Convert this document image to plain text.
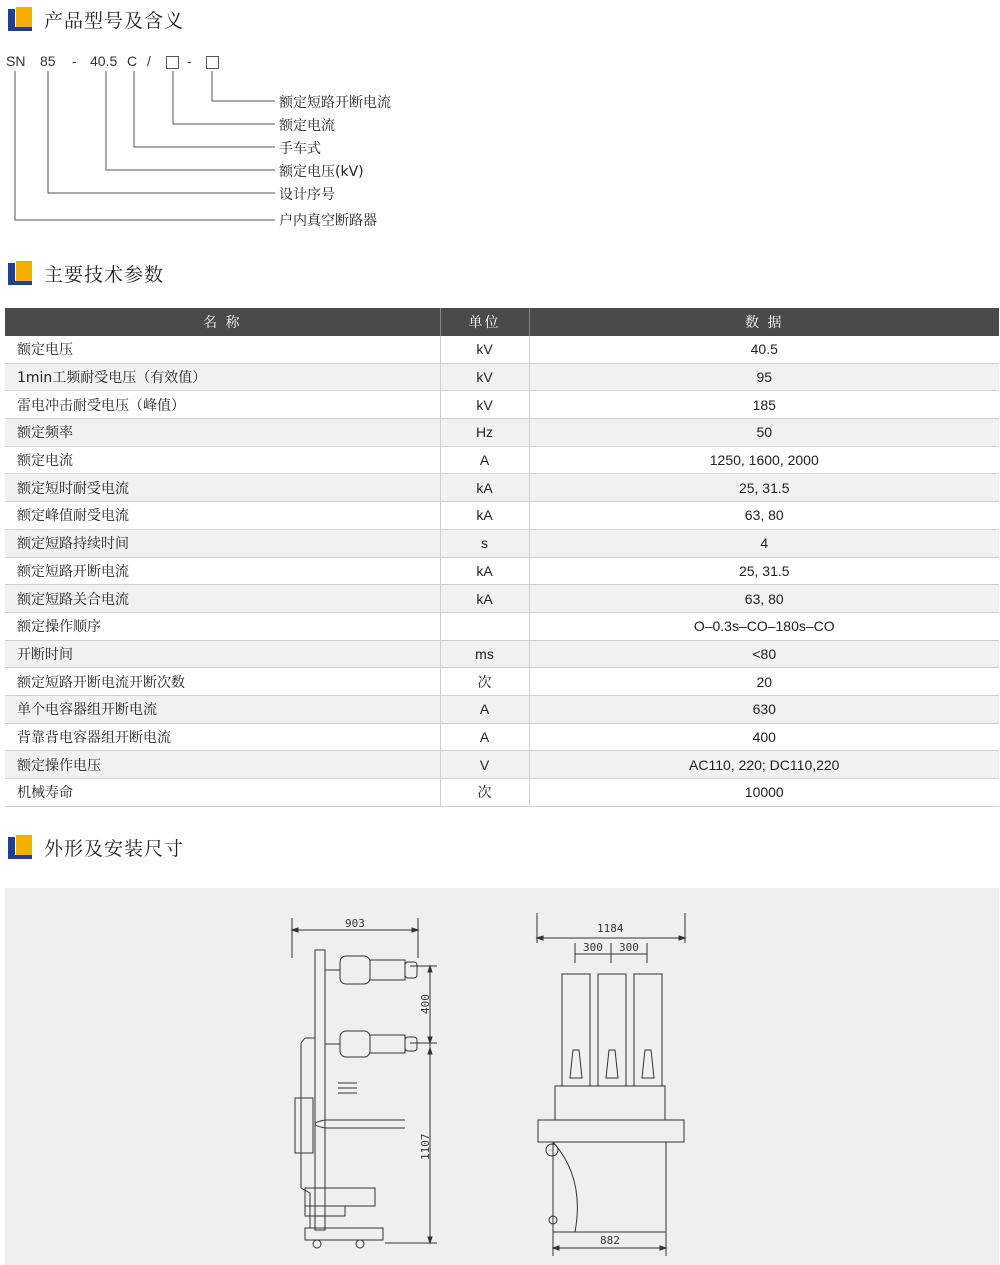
产品型号及含义
SN 85 - 40.5 C /	-
额定短路开断电流
额定电流
手车式
额定电压(kV)
设计序号
户内真空断路器
主要技术参数
名 称	单位	数 据
额定电压	kV	40.5
1min工频耐受电压（有效值）	kV	95
雷电冲击耐受电压（峰值）	kV	185
额定频率	Hz	50
额定电流	A	1250, 1600, 2000
额定短时耐受电流	kA	25, 31.5
额定峰值耐受电流	kA	63, 80
额定短路持续时间	s	4
额定短路开断电流	kA	25, 31.5
额定短路关合电流	kA	63, 80
额定操作顺序		O–0.3s–CO–180s–CO
开断时间	ms	<80
额定短路开断电流开断次数	次	20
单个电容器组开断电流	A	630
背靠背电容器组开断电流	A	400
额定操作电压	V	AC110, 220; DC110,220
机械寿命	次	10000
外形及安装尺寸
903
400
1107
1184
300 300
882
